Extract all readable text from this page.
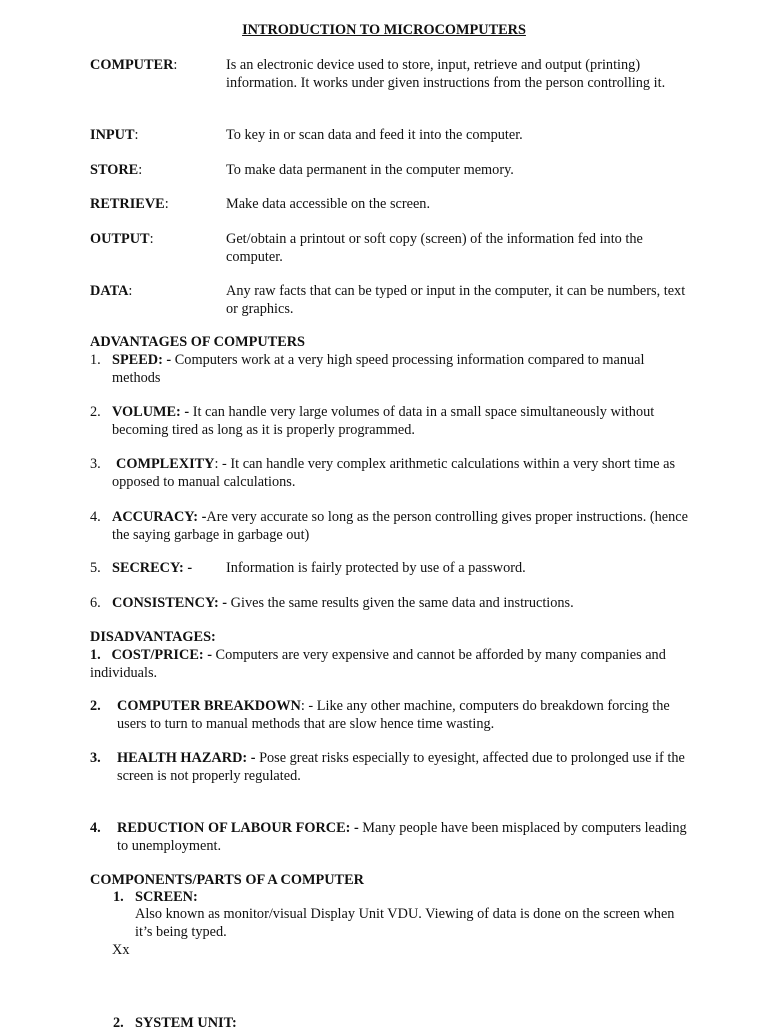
INTRODUCTION TO MICROCOMPUTERS
COMPUTER:	Is an electronic device used to store, input, retrieve and output (printing) information. It works under given instructions from the person controlling it.
INPUT:	To key in or scan data and feed it into the computer.
STORE:	To make data permanent in the computer memory.
RETRIEVE:	Make data accessible on the screen.
OUTPUT:	Get/obtain a printout or soft copy (screen) of the information fed into the computer.
DATA:	Any raw facts that can be typed or input in the computer, it can be numbers, text or graphics.
ADVANTAGES OF COMPUTERS
1. SPEED: - Computers work at a very high speed processing information compared to manual methods
2. VOLUME: - It can handle very large volumes of data in a small space simultaneously without becoming tired as long as it is properly programmed.
3. COMPLEXITY: - It can handle very complex arithmetic calculations within a very short time as opposed to manual calculations.
4. ACCURACY: -Are very accurate so long as the person controlling gives proper instructions. (hence the saying garbage in garbage out)
5. SECRECY: - Information is fairly protected by use of a password.
6. CONSISTENCY: - Gives the same results given the same data and instructions.
DISADVANTAGES:
1. COST/PRICE: - Computers are very expensive and cannot be afforded by many companies and individuals.
2. COMPUTER BREAKDOWN: - Like any other machine, computers do breakdown forcing the users to turn to manual methods that are slow hence time wasting.
3. HEALTH HAZARD: - Pose great risks especially to eyesight, affected due to prolonged use if the screen is not properly regulated.
4. REDUCTION OF LABOUR FORCE: - Many people have been misplaced by computers leading to unemployment.
COMPONENTS/PARTS OF A COMPUTER
1. SCREEN:
Also known as monitor/visual Display Unit VDU. Viewing of data is done on the screen when it’s being typed.
Xx
2. SYSTEM UNIT:
